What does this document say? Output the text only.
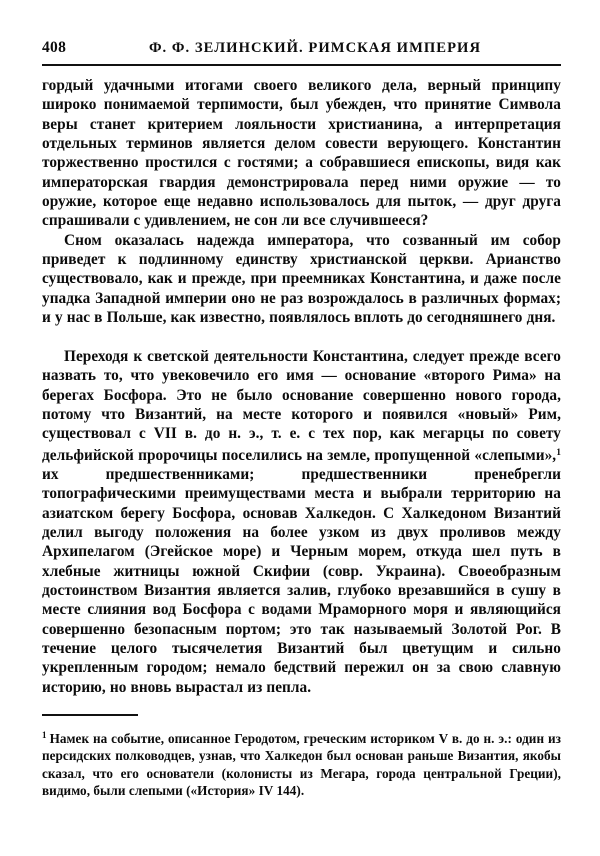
408	Ф. Ф. ЗЕЛИНСКИЙ. РИМСКАЯ ИМПЕРИЯ

гордый удачными итогами своего великого дела, верный принципу широко понимаемой терпимости, был убежден, что принятие Символа веры станет критерием лояльности христианина, а интерпретация отдельных терминов является делом совести верующего. Константин торжественно простился с гостями; а собравшиеся епископы, видя как императорская гвардия демонстрировала перед ними оружие — то оружие, которое еще недавно использовалось для пыток, — друг друга спрашивали с удивлением, не сон ли все случившееся?

Сном оказалась надежда императора, что созванный им собор приведет к подлинному единству христианской церкви. Арианство существовало, как и прежде, при преемниках Константина, и даже после упадка Западной империи оно не раз возрождалось в различных формах; и у нас в Польше, как известно, появлялось вплоть до сегодняшнего дня.

Переходя к светской деятельности Константина, следует прежде всего назвать то, что увековечило его имя — основание «второго Рима» на берегах Босфора. Это не было основание совершенно нового города, потому что Византий, на месте которого и появился «новый» Рим, существовал с VII в. до н. э., т. е. с тех пор, как мегарцы по совету дельфийской пророчицы поселились на земле, пропущенной «слепыми»,$^1$ их предшественниками; предшественники пренебрегли топографическими преимуществами места и выбрали территорию на азиатском берегу Босфора, основав Халкедон. С Халкедоном Византий делил выгоду положения на более узком из двух проливов между Архипелагом (Эгейское море) и Черным морем, откуда шел путь в хлебные житницы южной Скифии (совр. Украина). Своеобразным достоинством Византия является залив, глубоко врезавшийся в сушу в месте слияния вод Босфора с водами Мраморного моря и являющийся совершенно безопасным портом; это так называемый Золотой Рог. В течение целого тысячелетия Византий был цветущим и сильно укрепленным городом; немало бедствий пережил он за свою славную историю, но вновь вырастал из пепла.

$^1$ Намек на событие, описанное Геродотом, греческим историком V в. до н. э.: один из персидских полководцев, узнав, что Халкедон был основан раньше Византия, якобы сказал, что его основатели (колонисты из Мегара, города центральной Греции), видимо, были слепыми («История» IV 144).
